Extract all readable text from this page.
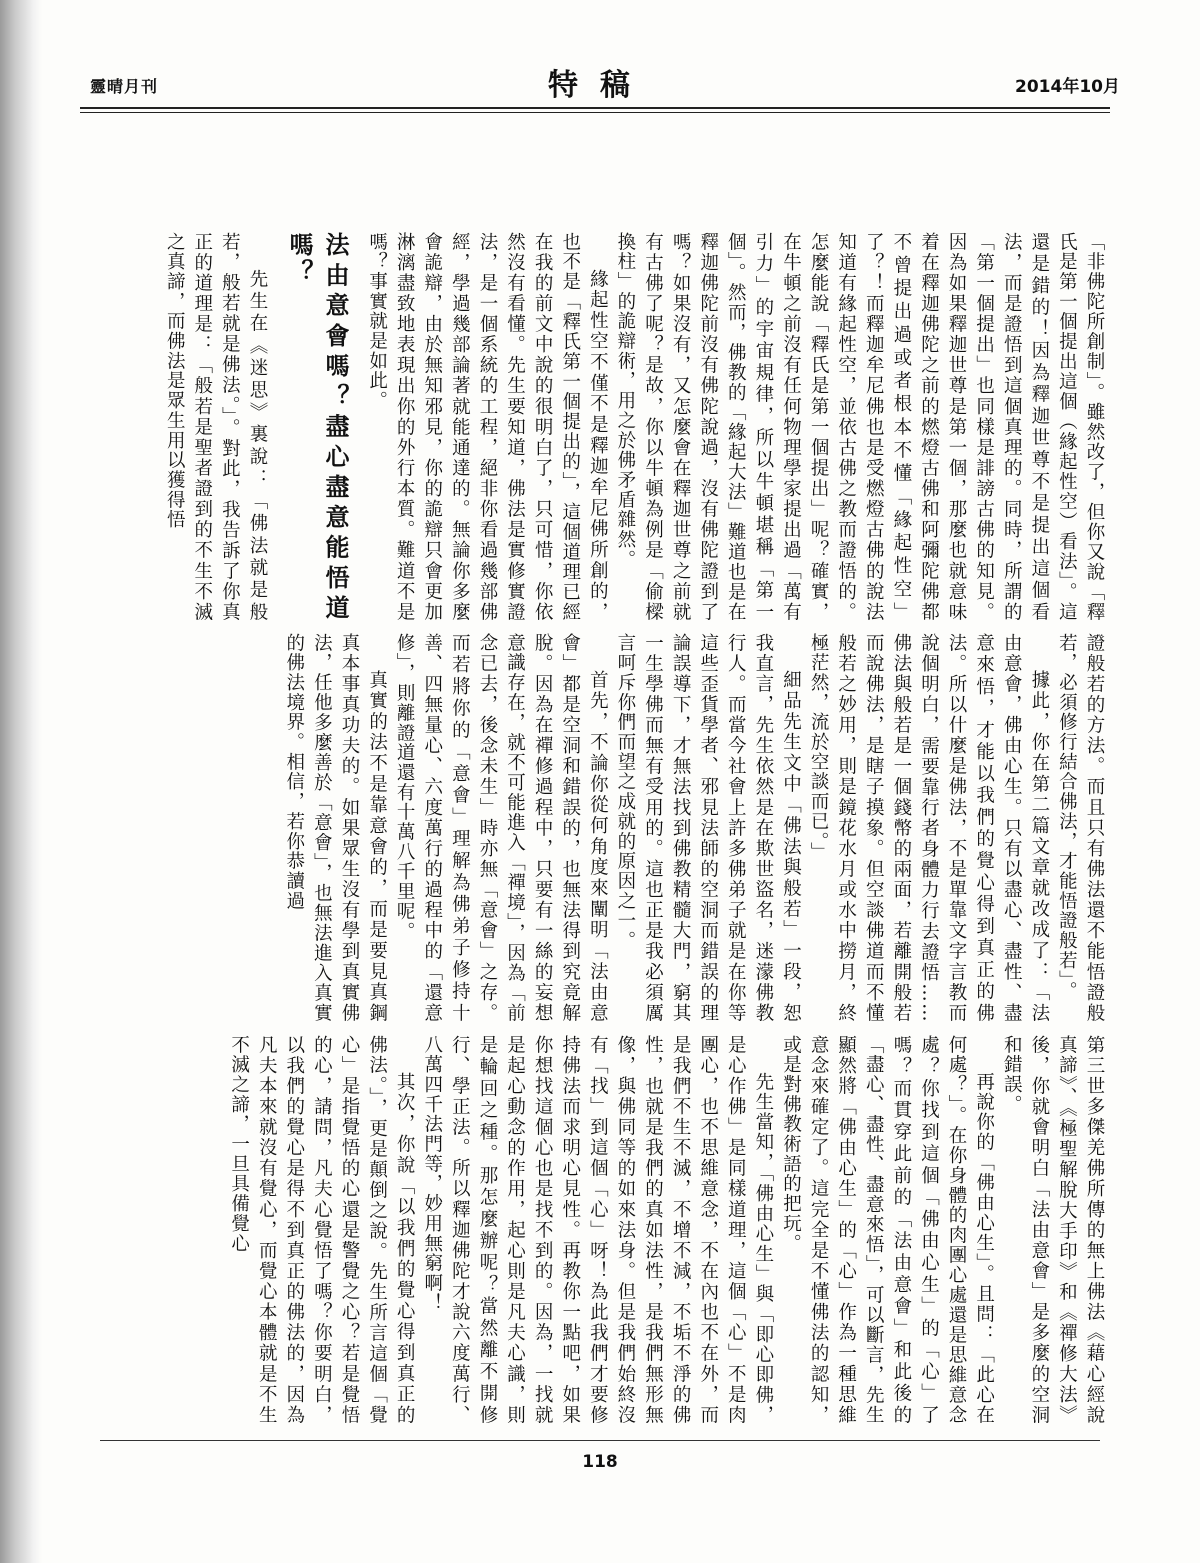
靈晴月刊	特稿	2014年10月

「非佛陀所創制」。雖然改了，但你又說「釋氏是第一個提出這個（緣起性空）看法」。這還是錯的！因為釋迦世尊不是提出這個看法，而是證悟到這個真理的。同時，所謂的「第一個提出」也同樣是誹謗古佛的知見。因為如果釋迦世尊是第一個，那麼也就意味着在釋迦佛陀之前的燃燈古佛和阿彌陀佛都不曾提出過或者根本不懂「緣起性空」了？！而釋迦牟尼佛也是受燃燈古佛的說法知道有緣起性空，並依古佛之教而證悟的。怎麼能說「釋氏是第一個提出」呢？確實，在牛頓之前沒有任何物理學家提出過「萬有引力」的宇宙規律，所以牛頓堪稱「第一個」。然而，佛教的「緣起大法」難道也是在釋迦佛陀前沒有佛陀說過，沒有佛陀證到了嗎？如果沒有，又怎麼會在釋迦世尊之前就有古佛了呢？是故，你以牛頓為例是「偷樑換柱」的詭辯術，用之於佛矛盾雜然。

緣起性空不僅不是釋迦牟尼佛所創的，也不是「釋氏第一個提出的」，這個道理已經在我的前文中說的很明白了，只可惜，你依然沒有看懂。先生要知道，佛法是實修實證法，是一個系統的工程，絕非你看過幾部佛經，學過幾部論著就能通達的。無論你多麼會詭辯，由於無知邪見，你的詭辯只會更加淋漓盡致地表現出你的外行本質。難道不是嗎？事實就是如此。

法由意會嗎？盡心盡意能悟道嗎？

先生在《迷思》裏說：「佛法就是般若，般若就是佛法。」。對此，我告訴了你真正的道理是：「般若是聖者證到的不生不滅之真諦，而佛法是眾生用以獲得悟

證般若的方法。而且只有佛法還不能悟證般若，必須修行結合佛法，才能悟證般若」。

據此，你在第二篇文章就改成了：「法由意會，佛由心生。只有以盡心、盡性、盡意來悟，才能以我們的覺心得到真正的佛法。所以什麼是佛法，不是單靠文字言教而說個明白，需要靠行者身體力行去證悟……佛法與般若是一個錢幣的兩面，若離開般若而說佛法，是瞎子摸象。但空談佛道而不懂般若之妙用，則是鏡花水月或水中撈月，終極茫然，流於空談而已。」

細品先生文中「佛法與般若」一段，恕我直言，先生依然是在欺世盜名，迷濛佛教行人。而當今社會上許多佛弟子就是在你等這些歪貨學者、邪見法師的空洞而錯誤的理論誤導下，才無法找到佛教精髓大門，窮其一生學佛而無有受用的。這也正是我必須厲言呵斥你們而望之成就的原因之一。

首先，不論你從何角度來闡明「法由意會」都是空洞和錯誤的，也無法得到究竟解脫。因為在禪修過程中，只要有一絲的妄想意識存在，就不可能進入「禪境」，因為「前念已去，後念未生」時亦無「意會」之存。而若將你的「意會」理解為佛弟子修持十善、四無量心、六度萬行的過程中的「還意修」，則離證道還有十萬八千里呢。

真實的法不是靠意會的，而是要見真鋼真本事真功夫的。如果眾生沒有學到真實佛法，任他多麼善於「意會」，也無法進入真實的佛法境界。相信，若你恭讀過

第三世多傑羌佛所傳的無上佛法《藉心經說真諦》、《極聖解脫大手印》和《禪修大法》後，你就會明白「法由意會」是多麼的空洞和錯誤。

再說你的「佛由心生」。且問：「此心在何處？」。在你身體的肉團心處還是思維意念處？你找到這個「佛由心生」的「心」了嗎？而貫穿此前的「法由意會」和此後的「盡心、盡性、盡意來悟」，可以斷言，先生顯然將「佛由心生」的「心」作為一種思維意念來確定了。這完全是不懂佛法的認知，或是對佛教術語的把玩。

先生當知，「佛由心生」與「即心即佛，是心作佛」是同樣道理，這個「心」不是肉團心，也不思維意念，不在內也不在外，而是我們不生不滅，不增不減，不垢不淨的佛性，也就是我們的真如法性，是我們無形無像，與佛同等的如來法身。但是我們始終沒有「找」到這個「心」呀！為此我們才要修持佛法而求明心見性。再教你一點吧，如果你想找這個心也是找不到的。因為，一找就是起心動念的作用，起心則是凡夫心識，則是輪回之種。那怎麼辦呢？當然離不開修行、學正法。所以釋迦佛陀才說六度萬行、八萬四千法門等，妙用無窮啊！

其次，你說「以我們的覺心得到真正的佛法。」，更是顛倒之說。先生所言這個「覺心」是指覺悟的心還是警覺之心？若是覺悟的心，請問，凡夫心覺悟了嗎？你要明白，以我們的覺心是得不到真正的佛法的，因為凡夫本來就沒有覺心，而覺心本體就是不生不滅之諦，一旦具備覺心

118
